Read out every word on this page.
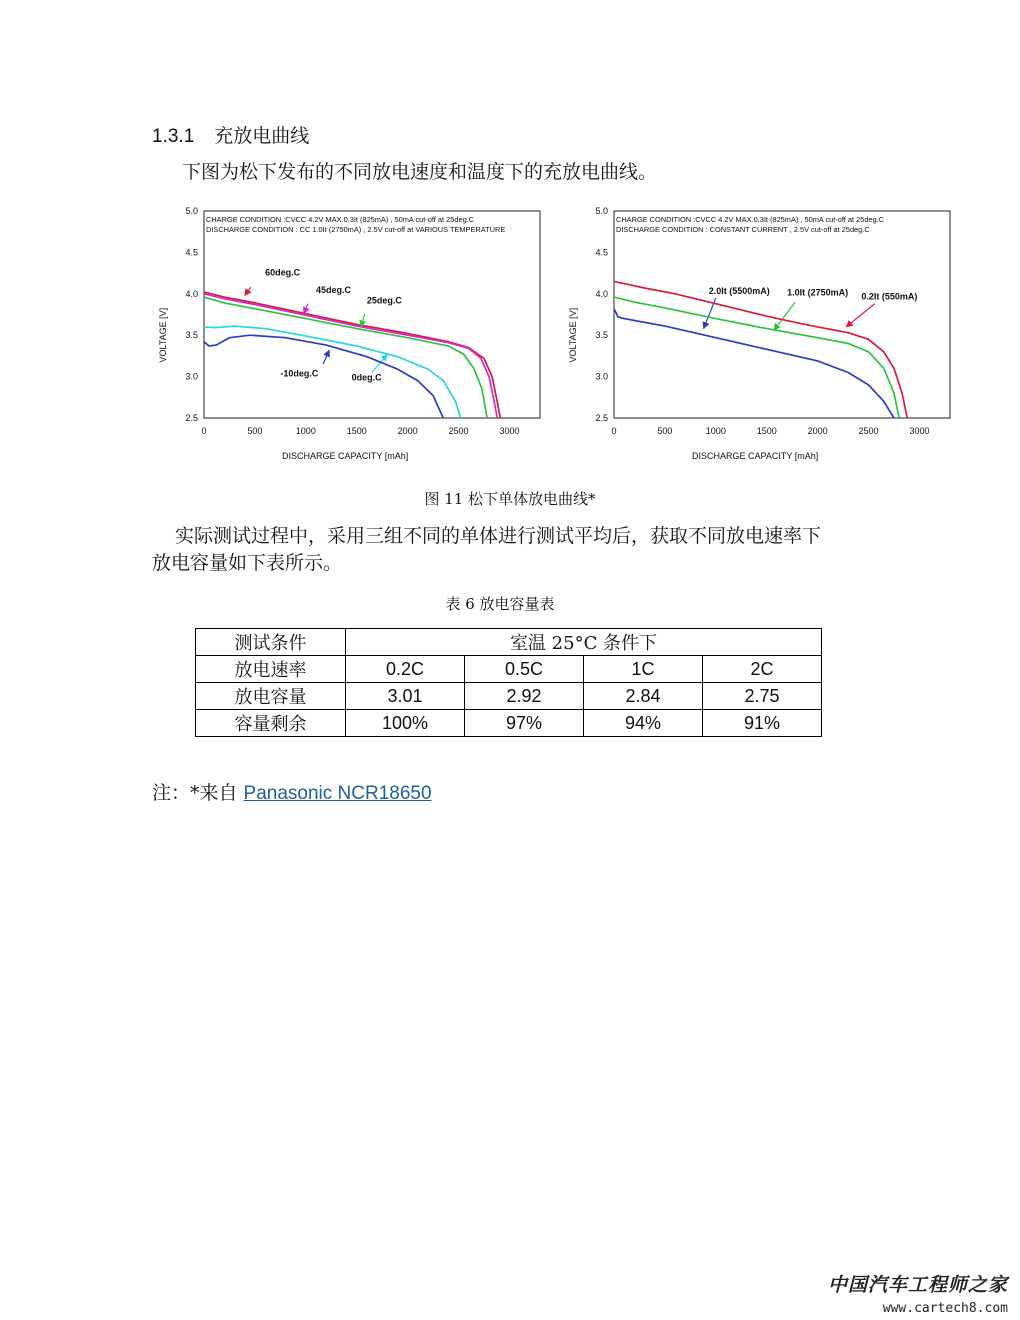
1.3.1 充放电曲线
下图为松下发布的不同放电速度和温度下的充放电曲线。
2.5
3.0
3.5
4.0
4.5
5.0
0	500	1000	1500	2000	2500	3000
DISCHARGE CAPACITY [mAh]
VOLTAGE [V]
CHARGE CONDITION :CVCC 4.2V MAX.0.3It (825mA) , 50mA cut-off at 25deg.C
DISCHARGE CONDITION : CC 1.0It (2750mA) , 2.5V cut-off at VARIOUS TEMPERATURE
60deg.C
45deg.C
25deg.C
0deg.C
-10deg.C
2.5
3.0
3.5
4.0
4.5
5.0
0	500	1000	1500	2000	2500	3000
DISCHARGE CAPACITY [mAh]
VOLTAGE [V]
CHARGE CONDITION :CVCC 4.2V MAX.0.3It (825mA) , 50mA cut-off at 25deg.C
DISCHARGE CONDITION : CONSTANT CURRENT , 2.5V cut-off at 25deg.C
2.0It (5500mA) 1.0It (2750mA) 0.2It (550mA)
图 11 松下单体放电曲线*
实际测试过程中，采用三组不同的单体进行测试平均后，获取不同放电速率下
放电容量如下表所示。
表 6 放电容量表
测试条件	室温 25°C 条件下			
放电速率	0.2C	0.5C	1C	2C
放电容量	3.01	2.92	2.84	2.75
容量剩余	100%	97%	94%	91%
注：*来自 Panasonic NCR18650
中国汽车工程师之家
www.cartech8.com
